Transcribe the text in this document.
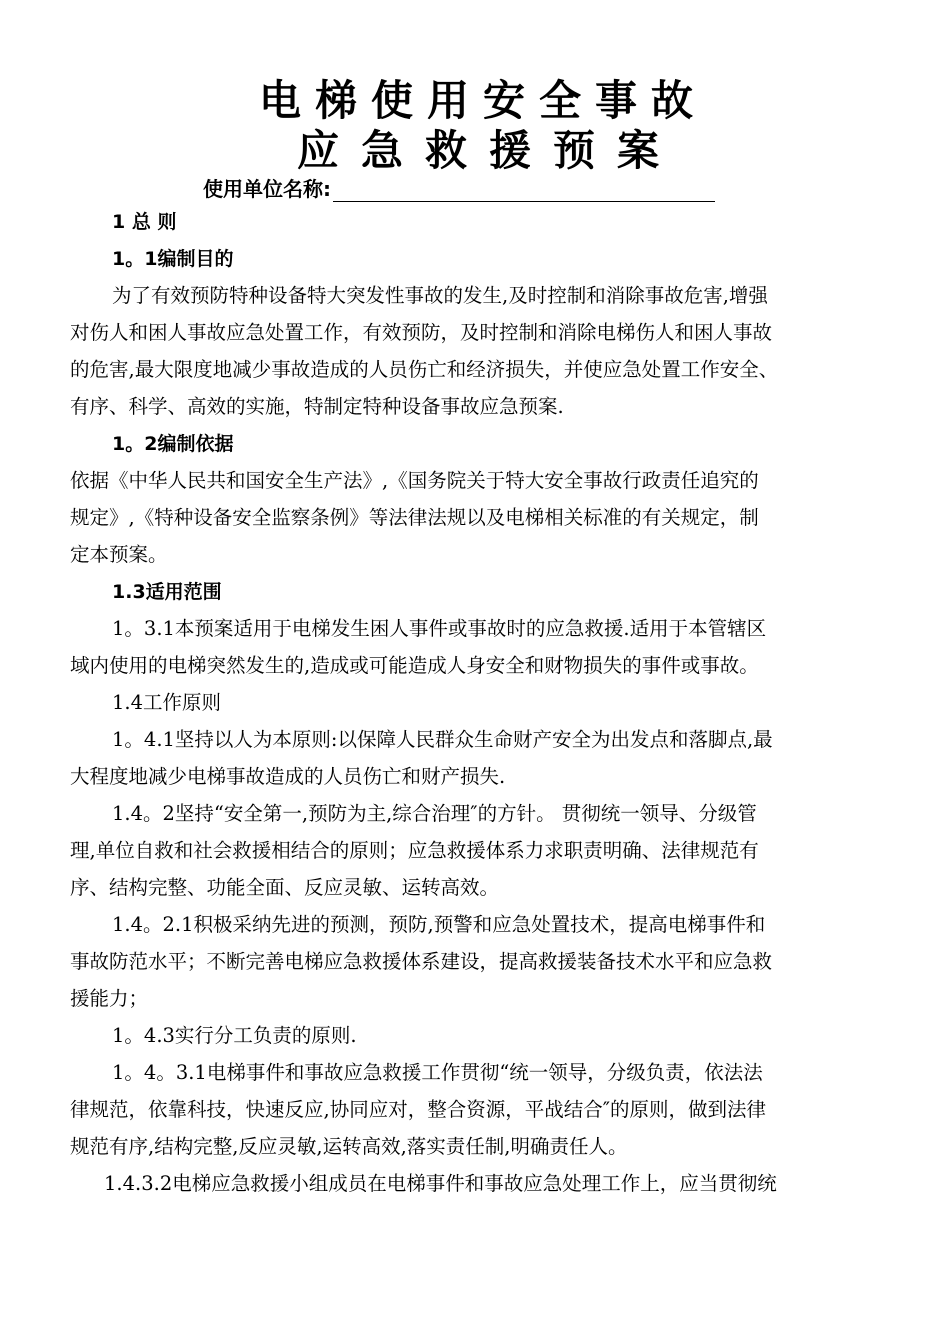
电梯使用安全事故
应急救援预案
使用单位名称:
1 总 则
1。1编制目的
为了有效预防特种设备特大突发性事故的发生,及时控制和消除事故危害,增强
对伤人和困人事故应急处置工作，有效预防，及时控制和消除电梯伤人和困人事故
的危害,最大限度地减少事故造成的人员伤亡和经济损失，并使应急处置工作安全、
有序、科学、高效的实施，特制定特种设备事故应急预案.
1。2编制依据
依据《中华人民共和国安全生产法》,《国务院关于特大安全事故行政责任追究的
规定》,《特种设备安全监察条例》等法律法规以及电梯相关标准的有关规定，制
定本预案。
1.3适用范围
1。3.1本预案适用于电梯发生困人事件或事故时的应急救援.适用于本管辖区
域内使用的电梯突然发生的,造成或可能造成人身安全和财物损失的事件或事故。
1.4工作原则
1。4.1坚持以人为本原则:以保障人民群众生命财产安全为出发点和落脚点,最
大程度地减少电梯事故造成的人员伤亡和财产损失.
1.4。2坚持“安全第一,预防为主,综合治理″的方针。 贯彻统一领导、分级管
理,单位自救和社会救援相结合的原则；应急救援体系力求职责明确、法律规范有
序、结构完整、功能全面、反应灵敏、运转高效。
1.4。2.1积极采纳先进的预测，预防,预警和应急处置技术，提高电梯事件和
事故防范水平；不断完善电梯应急救援体系建设，提高救援装备技术水平和应急救
援能力；
1。4.3实行分工负责的原则.
1。4。3.1电梯事件和事故应急救援工作贯彻“统一领导，分级负责，依法法
律规范，依靠科技，快速反应,协同应对，整合资源，平战结合″的原则，做到法律
规范有序,结构完整,反应灵敏,运转高效,落实责任制,明确责任人。
1.4.3.2电梯应急救援小组成员在电梯事件和事故应急处理工作上，应当贯彻统
